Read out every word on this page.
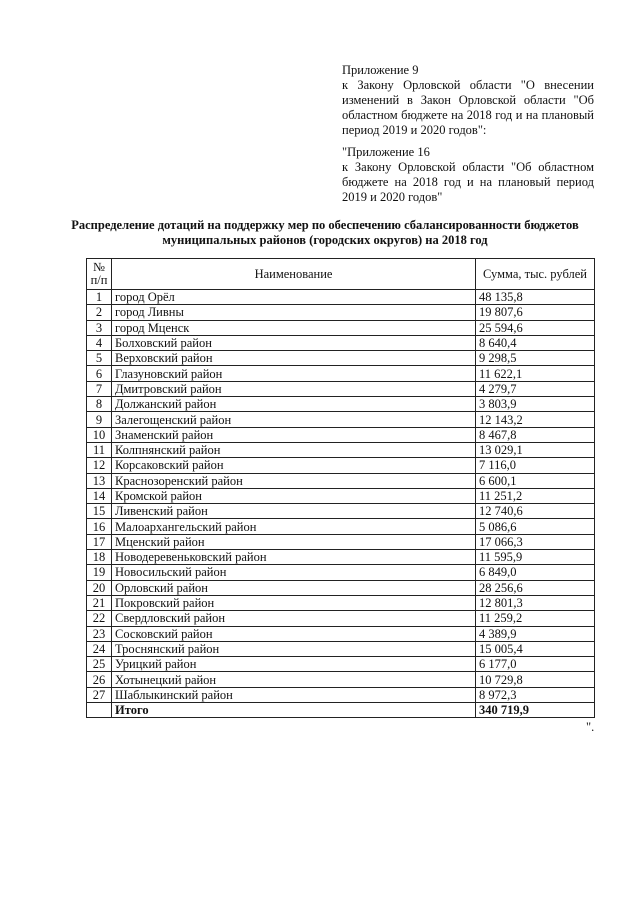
Приложение 9
к Закону Орловской области "О внесении изменений в Закон Орловской области "Об областном бюджете на 2018 год и на плановый период 2019 и 2020 годов":
"Приложение 16
к Закону Орловской области "Об областном бюджете на 2018 год и на плановый период 2019 и 2020 годов"
Распределение дотаций на поддержку мер по обеспечению сбалансированности бюджетов муниципальных районов (городских округов) на 2018 год
№ п/п	Наименование	Сумма, тыс. рублей
1	город Орёл	48 135,8
2	город Ливны	19 807,6
3	город Мценск	25 594,6
4	Болховский район	8 640,4
5	Верховский район	9 298,5
6	Глазуновский район	11 622,1
7	Дмитровский район	4 279,7
8	Должанский район	3 803,9
9	Залегощенский район	12 143,2
10	Знаменский район	8 467,8
11	Колпнянский район	13 029,1
12	Корсаковский район	7 116,0
13	Краснозоренский район	6 600,1
14	Кромской район	11 251,2
15	Ливенский район	12 740,6
16	Малоархангельский район	5 086,6
17	Мценский район	17 066,3
18	Новодеревеньковский район	11 595,9
19	Новосильский район	6 849,0
20	Орловский район	28 256,6
21	Покровский район	12 801,3
22	Свердловский район	11 259,2
23	Сосковский район	4 389,9
24	Троснянский район	15 005,4
25	Урицкий район	6 177,0
26	Хотынецкий район	10 729,8
27	Шаблыкинский район	8 972,3
	Итого	340 719,9
".
